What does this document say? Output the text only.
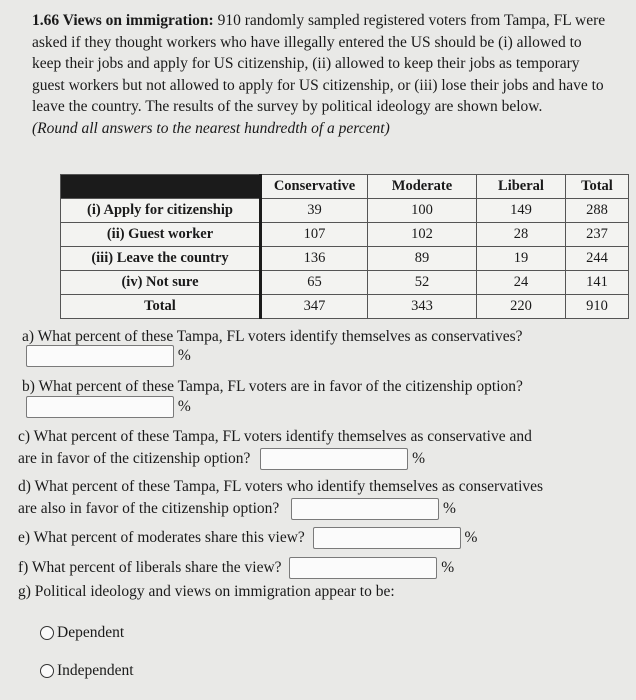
1.66 Views on immigration: 910 randomly sampled registered voters from Tampa, FL were asked if they thought workers who have illegally entered the US should be (i) allowed to keep their jobs and apply for US citizenship, (ii) allowed to keep their jobs as temporary guest workers but not allowed to apply for US citizenship, or (iii) lose their jobs and have to leave the country. The results of the survey by political ideology are shown below.
(Round all answers to the nearest hundredth of a percent)
	Conservative	Moderate	Liberal	Total
(i) Apply for citizenship	39	100	149	288
(ii) Guest worker	107	102	28	237
(iii) Leave the country	136	89	19	244
(iv) Not sure	65	52	24	141
Total	347	343	220	910
a) What percent of these Tampa, FL voters identify themselves as conservatives?
%
b) What percent of these Tampa, FL voters are in favor of the citizenship option?
%
c) What percent of these Tampa, FL voters identify themselves as conservative and
are in favor of the citizenship option?	%
d) What percent of these Tampa, FL voters who identify themselves as conservatives
are also in favor of the citizenship option?	%
e) What percent of moderates share this view?	%
f) What percent of liberals share the view?	%
g) Political ideology and views on immigration appear to be:
Dependent
Independent
